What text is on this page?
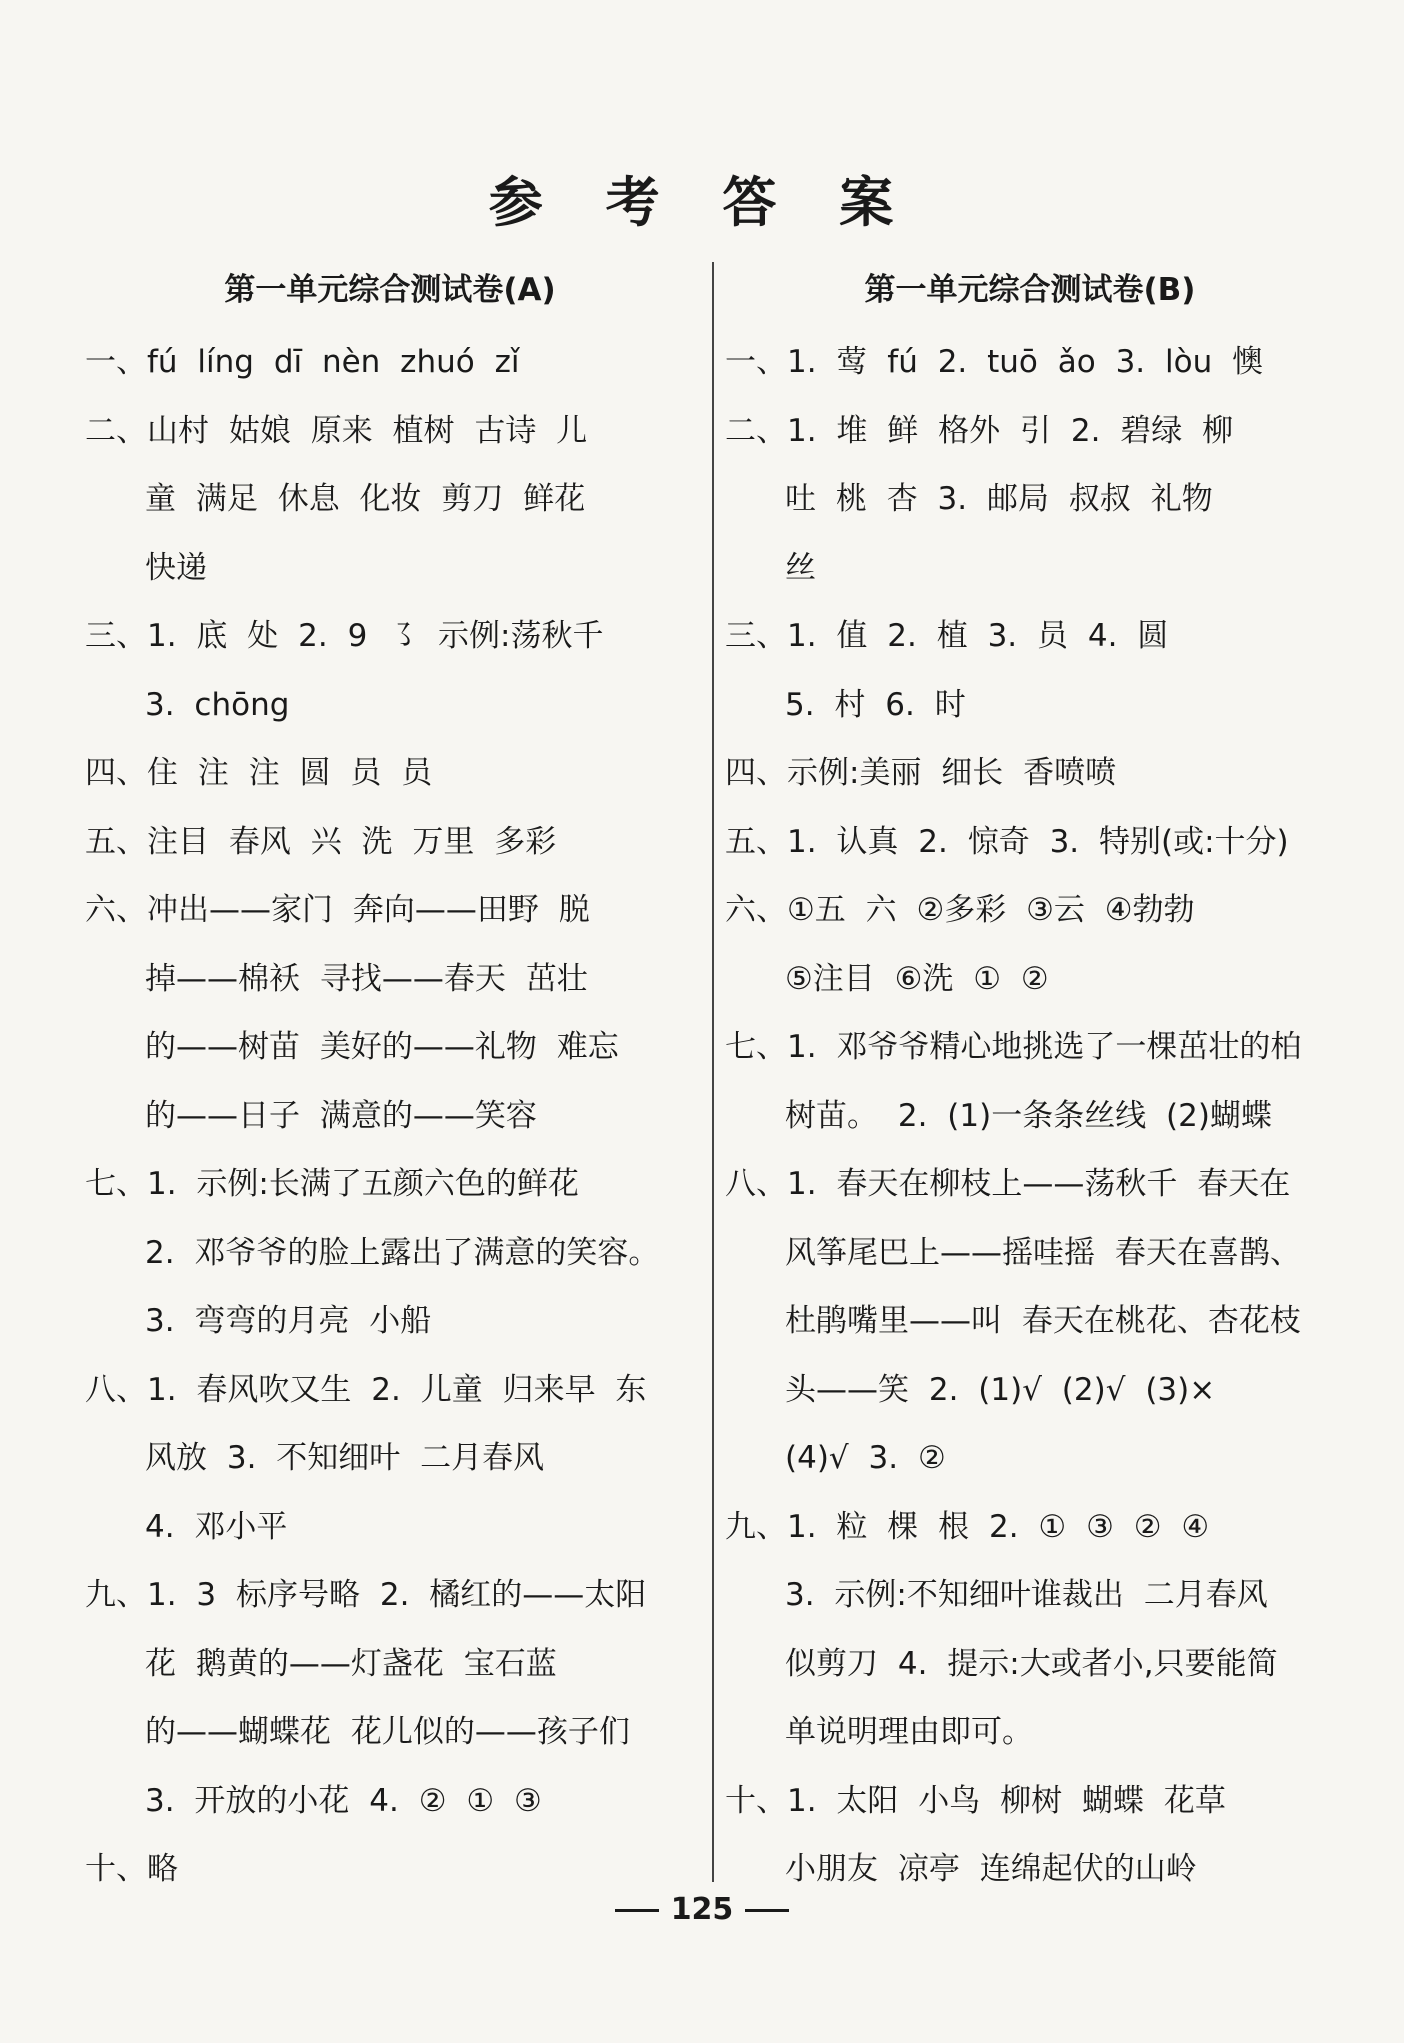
参 考 答 案
第一单元综合测试卷(A)
一、fú líng dī nèn zhuó zǐ
二、山村 姑娘 原来 植树 古诗 儿
童 满足 休息 化妆 剪刀 鲜花
快递
三、1. 底 处 2. 9 ㇌ 示例:荡秋千
3. chōng
四、住 注 注 圆 员 员
五、注目 春风 兴 洗 万里 多彩
六、冲出——家门 奔向——田野 脱
掉——棉袄 寻找——春天 茁壮
的——树苗 美好的——礼物 难忘
的——日子 满意的——笑容
七、1. 示例:长满了五颜六色的鲜花
2. 邓爷爷的脸上露出了满意的笑容。
3. 弯弯的月亮 小船
八、1. 春风吹又生 2. 儿童 归来早 东
风放 3. 不知细叶 二月春风
4. 邓小平
九、1. 3 标序号略 2. 橘红的——太阳
花 鹅黄的——灯盏花 宝石蓝
的——蝴蝶花 花儿似的——孩子们
3. 开放的小花 4. ② ① ③
十、略
第一单元综合测试卷(B)
一、1. 莺 fú 2. tuō ǎo 3. lòu 懊
二、1. 堆 鲜 格外 引 2. 碧绿 柳
吐 桃 杏 3. 邮局 叔叔 礼物
丝
三、1. 值 2. 植 3. 员 4. 圆
5. 村 6. 时
四、示例:美丽 细长 香喷喷
五、1. 认真 2. 惊奇 3. 特别(或:十分)
六、①五 六 ②多彩 ③云 ④勃勃
⑤注目 ⑥洗 ① ②
七、1. 邓爷爷精心地挑选了一棵茁壮的柏
树苗。 2. (1)一条条丝线 (2)蝴蝶
八、1. 春天在柳枝上——荡秋千 春天在
风筝尾巴上——摇哇摇 春天在喜鹊、
杜鹃嘴里——叫 春天在桃花、杏花枝
头——笑 2. (1)√ (2)√ (3)×
(4)√ 3. ②
九、1. 粒 棵 根 2. ① ③ ② ④
3. 示例:不知细叶谁裁出 二月春风
似剪刀 4. 提示:大或者小,只要能简
单说明理由即可。
十、1. 太阳 小鸟 柳树 蝴蝶 花草
小朋友 凉亭 连绵起伏的山岭
125
